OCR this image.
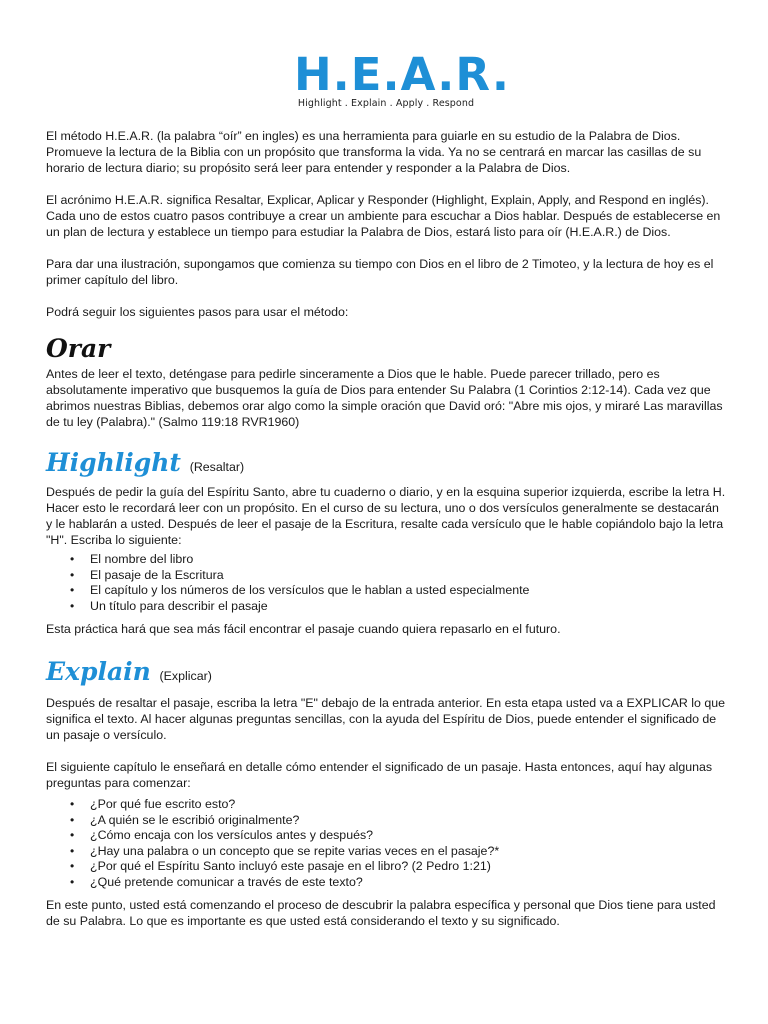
H.E.A.R.
Highlight . Explain . Apply . Respond

El método H.E.A.R. (la palabra “oír” en ingles) es una herramienta para guiarle en su estudio de la Palabra de Dios. Promueve la lectura de la Biblia con un propósito que transforma la vida. Ya no se centrará en marcar las casillas de su horario de lectura diario; su propósito será leer para entender y responder a la Palabra de Dios.

El acrónimo H.E.A.R. significa Resaltar, Explicar, Aplicar y Responder (Highlight, Explain, Apply, and Respond en inglés). Cada uno de estos cuatro pasos contribuye a crear un ambiente para escuchar a Dios hablar. Después de establecerse en un plan de lectura y establece un tiempo para estudiar la Palabra de Dios, estará listo para oír (H.E.A.R.) de Dios.

Para dar una ilustración, supongamos que comienza su tiempo con Dios en el libro de 2 Timoteo, y la lectura de hoy es el primer capítulo del libro.

Podrá seguir los siguientes pasos para usar el método:

Orar

Antes de leer el texto, deténgase para pedirle sinceramente a Dios que le hable. Puede parecer trillado, pero es absolutamente imperativo que busquemos la guía de Dios para entender Su Palabra (1 Corintios 2:12-14). Cada vez que abrimos nuestras Biblias, debemos orar algo como la simple oración que David oró: "Abre mis ojos, y miraré Las maravillas de tu ley (Palabra)." (Salmo 119:18 RVR1960)

Highlight (Resaltar)

Después de pedir la guía del Espíritu Santo, abre tu cuaderno o diario, y en la esquina superior izquierda, escribe la letra H. Hacer esto le recordará leer con un propósito. En el curso de su lectura, uno o dos versículos generalmente se destacarán y le hablarán a usted. Después de leer el pasaje de la Escritura, resalte cada versículo que le hable copiándolo bajo la letra "H". Escriba lo siguiente:

• El nombre del libro
• El pasaje de la Escritura
• El capítulo y los números de los versículos que le hablan a usted especialmente
• Un título para describir el pasaje

Esta práctica hará que sea más fácil encontrar el pasaje cuando quiera repasarlo en el futuro.

Explain (Explicar)

Después de resaltar el pasaje, escriba la letra "E" debajo de la entrada anterior. En esta etapa usted va a EXPLICAR lo que significa el texto. Al hacer algunas preguntas sencillas, con la ayuda del Espíritu de Dios, puede entender el significado de un pasaje o versículo.

El siguiente capítulo le enseñará en detalle cómo entender el significado de un pasaje. Hasta entonces, aquí hay algunas preguntas para comenzar:

• ¿Por qué fue escrito esto?
• ¿A quién se le escribió originalmente?
• ¿Cómo encaja con los versículos antes y después?
• ¿Hay una palabra o un concepto que se repite varias veces en el pasaje?*
• ¿Por qué el Espíritu Santo incluyó este pasaje en el libro? (2 Pedro 1:21)
• ¿Qué pretende comunicar a través de este texto?

En este punto, usted está comenzando el proceso de descubrir la palabra específica y personal que Dios tiene para usted de su Palabra. Lo que es importante es que usted está considerando el texto y su significado.
